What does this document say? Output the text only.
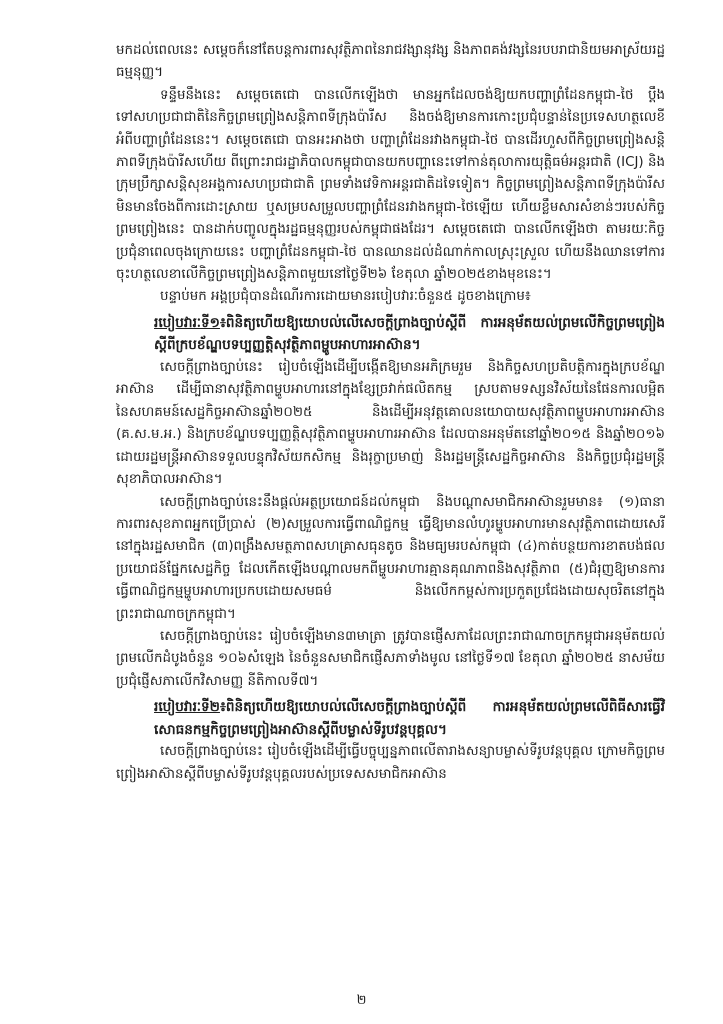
មកដល់ពេលនេះ សម្ដេចក៏នៅតែបន្តការពារសុវត្ថិភាពនៃរាជវង្សានុវង្ស និងភាពគង់វង្សនៃរបបរាជានិយមអាស្រ័យរដ្ឋធម្មនុញ្ញ។

ទន្ទឹមនឹងនេះ សម្ដេចតេជោ បានលើកឡើងថា មានអ្នកដែលចង់ឱ្យយកបញ្ហាព្រំដែនកម្ពុជា-ថៃ ប្ដឹងទៅសហប្រជាជាតិនៃកិច្ចព្រមព្រៀងសន្តិភាពទីក្រុងប៉ារីស និងចង់ឱ្យមានការកោះប្រជុំបន្ទាន់នៃប្រទេសហត្ថលេខី អំពីបញ្ហាព្រំដែននេះ។ សម្ដេចតេជោ បានអះអាងថា បញ្ហាព្រំដែនរវាងកម្ពុជា-ថៃ បានដើរហួសពីកិច្ចព្រមព្រៀងសន្តិភាពទីក្រុងប៉ារីសហើយ ពីព្រោះរាជរដ្ឋាភិបាលកម្ពុជាបានយកបញ្ហានេះទៅកាន់តុលាការយុត្តិធម៌អន្តរជាតិ (ICJ) និងក្រុមប្រឹក្សាសន្តិសុខអង្គការសហប្រជាជាតិ ព្រមទាំងវេទិកាអន្តរជាតិដទៃទៀត។ កិច្ចព្រមព្រៀងសន្តិភាពទីក្រុងប៉ារីស មិនមានចែងពីការដោះស្រាយ ឬសម្របសម្រួលបញ្ហាព្រំដែនរវាងកម្ពុជា-ថៃឡើយ ហើយខ្លឹមសារសំខាន់ៗរបស់កិច្ចព្រមព្រៀងនេះ បានដាក់បញ្ចូលក្នុងរដ្ឋធម្មនុញ្ញរបស់កម្ពុជាផងដែរ។ សម្ដេចតេជោ បានលើកឡើងថា តាមរយៈកិច្ចប្រជុំនាពេលចុងក្រោយនេះ បញ្ហាព្រំដែនកម្ពុជា-ថៃ បានឈានដល់ដំណាក់កាលស្រុះស្រួល ហើយនឹងឈានទៅការចុះហត្ថលេខាលើកិច្ចព្រមព្រៀងសន្តិភាពមួយនៅថ្ងៃទី២៦ ខែតុលា ឆ្នាំ២០២៥ខាងមុខនេះ។

បន្ទាប់មក អង្គប្រជុំបានដំណើរការដោយមានរបៀបវារៈចំនួន៥ ដូចខាងក្រោម៖

របៀបវារៈទី១៖ពិនិត្យហើយឱ្យយោបល់លើសេចក្ដីព្រាងច្បាប់ស្ដីពី ការអនុម័តយល់ព្រមលើកិច្ចព្រមព្រៀងស្ដីពីក្របខ័ណ្ឌបទប្បញ្ញត្តិសុវត្ថិភាពម្ហូបអាហារអាស៊ាន។

សេចក្ដីព្រាងច្បាប់នេះ រៀបចំឡើងដើម្បីបង្កើតឱ្យមានអភិក្រមរួម និងកិច្ចសហប្រតិបត្តិការក្នុងក្របខ័ណ្ឌអាស៊ាន ដើម្បីធានាសុវត្ថិភាពម្ហូបអាហារនៅក្នុងខ្សែច្រវាក់ផលិតកម្ម ស្របតាមទស្សនវិស័យនៃផែនការលម្អិតនៃសហគមន៍សេដ្ឋកិច្ចអាស៊ានឆ្នាំ២០២៥ និងដើម្បីអនុវត្តគោលនយោបាយសុវត្ថិភាពម្ហូបអាហារអាស៊ាន (គ.ស.ម.អ.) និងក្របខ័ណ្ឌបទប្បញ្ញត្តិសុវត្ថិភាពម្ហូបអាហារអាស៊ាន ដែលបានអនុម័តនៅឆ្នាំ២០១៥ និងឆ្នាំ២០១៦ ដោយរដ្ឋមន្ត្រីអាស៊ានទទួលបន្ទុកវិស័យកសិកម្ម និងរុក្ខាប្រមាញ់ និងរដ្ឋមន្ត្រីសេដ្ឋកិច្ចអាស៊ាន និងកិច្ចប្រជុំរដ្ឋមន្ត្រីសុខាភិបាលអាស៊ាន។

សេចក្ដីព្រាងច្បាប់នេះនឹងផ្ដល់អត្ថប្រយោជន៍ដល់កម្ពុជា និងបណ្ដាសមាជិកអាស៊ានរួមមាន៖ (១)ធានាការពារសុខភាពអ្នកប្រើប្រាស់ (២)សម្រួលការធ្វើពាណិជ្ជកម្ម ធ្វើឱ្យមានលំហូរម្ហូបអាហារមានសុវត្ថិភាពដោយសេរី នៅក្នុងរដ្ឋសមាជិក (៣)ពង្រឹងសមត្ថភាពសហគ្រាសធុនតូច និងមធ្យមរបស់កម្ពុជា (៤)កាត់បន្ថយការខាតបង់ផលប្រយោជន៍ផ្នែកសេដ្ឋកិច្ច ដែលកើតឡើងបណ្ដាលមកពីម្ហូបអាហារគ្មានគុណភាពនិងសុវត្ថិភាព (៥)ជំរុញឱ្យមានការធ្វើពាណិជ្ជកម្មម្ហូបអាហារប្រកបដោយសមធម៌ និងលើកកម្ពស់ការប្រកួតប្រជែងដោយសុចរិតនៅក្នុងព្រះរាជាណាចក្រកម្ពុជា។

សេចក្ដីព្រាងច្បាប់នេះ រៀបចំឡើងមាន៣មាត្រា ត្រូវបានផ្ញើសភាដែលព្រះរាជាណាចក្រកម្ពុជាអនុម័តយល់ព្រមលើកដំបូងចំនួន ១០៦សំឡេង នៃចំនួនសមាជិកផ្ញើសភាទាំងមូល នៅថ្ងៃទី១៧ ខែតុលា ឆ្នាំ២០២៥ នាសម័យប្រជុំផ្ញើសភាលើកវិសាមញ្ញ នីតិកាលទី៧។

របៀបវារៈទី២៖ពិនិត្យហើយឱ្យយោបល់លើសេចក្ដីព្រាងច្បាប់ស្ដីពី ការអនុម័តយល់ព្រមលើពិធីសារធ្វើវិសោធនកម្មកិច្ចព្រមព្រៀងអាស៊ានស្ដីពីបម្លាស់ទីរូបវន្តបុគ្គល។

សេចក្ដីព្រាងច្បាប់នេះ រៀបចំឡើងដើម្បីធ្វើបច្ចុប្បន្នភាពលើតារាងសន្យាបម្លាស់ទីរូបវន្តបុគ្គល ក្រោមកិច្ចព្រមព្រៀងអាស៊ានស្ដីពីបម្លាស់ទីរូបវន្តបុគ្គលរបស់ប្រទេសសមាជិកអាស៊ាន

២
